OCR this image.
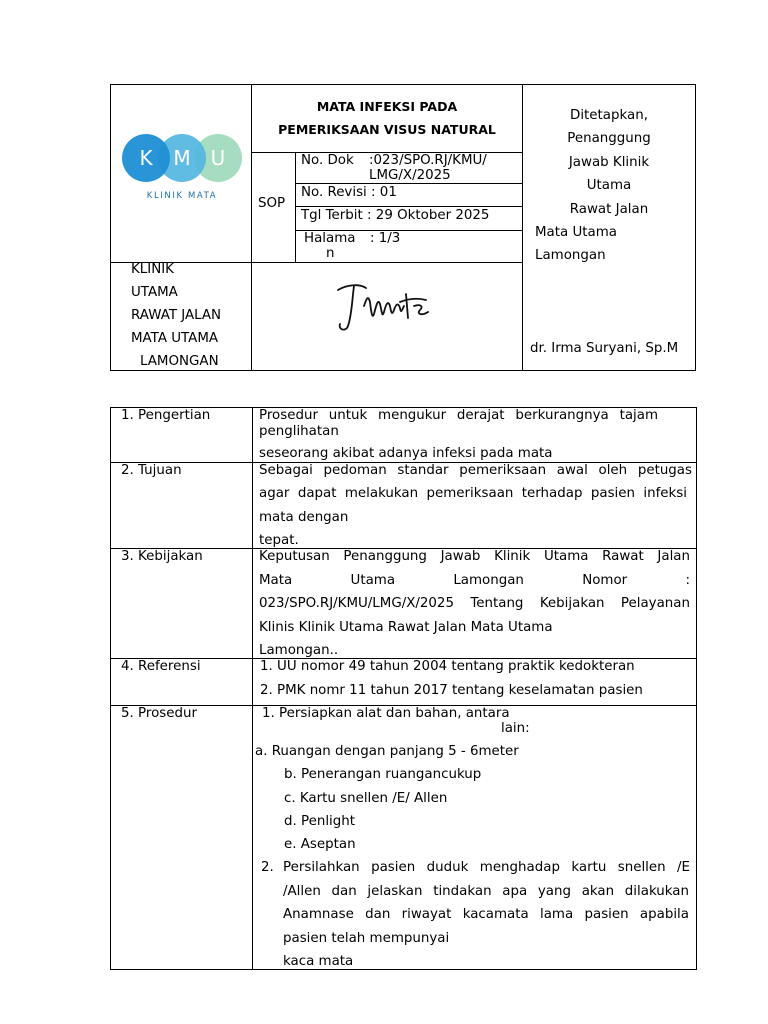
K M U
KLINIK MATA
MATA INFEKSI PADA
PEMERIKSAAN VISUS NATURAL
SOP
No. Dok :023/SPO.RJ/KMU/
LMG/X/2025
No. Revisi : 01
Tgl Terbit : 29 Oktober 2025
Halama : 1/3
n
Ditetapkan,
Penanggung
Jawab Klinik
Utama
Rawat Jalan
Mata Utama
Lamongan
dr. Irma Suryani, Sp.M
KLINIK
UTAMA
RAWAT JALAN
MATA UTAMA
LAMONGAN
1. Pengertian	Prosedur untuk mengukur derajat berkurangnya tajam
penglihatan
seseorang akibat adanya infeksi pada mata
2. Tujuan	Sebagai pedoman standar pemeriksaan awal oleh petugas
agar dapat melakukan pemeriksaan terhadap pasien infeksi
mata dengan
tepat.
3. Kebijakan	Keputusan Penanggung Jawab Klinik Utama Rawat Jalan
Mata Utama Lamongan Nomor :
023/SPO.RJ/KMU/LMG/X/2025 Tentang Kebijakan Pelayanan
Klinis Klinik Utama Rawat Jalan Mata Utama
Lamongan..
4. Referensi	1. UU nomor 49 tahun 2004 tentang praktik kedokteran
2. PMK nomr 11 tahun 2017 tentang keselamatan pasien
5. Prosedur	1. Persiapkan alat dan bahan, antara
lain:
a. Ruangan dengan panjang 5 - 6meter
b. Penerangan ruangancukup
c. Kartu snellen /E/ Allen
d. Penlight
e. Aseptan
2. Persilahkan pasien duduk menghadap kartu snellen /E
/Allen dan jelaskan tindakan apa yang akan dilakukan
Anamnase dan riwayat kacamata lama pasien apabila
pasien telah mempunyai
kaca mata
